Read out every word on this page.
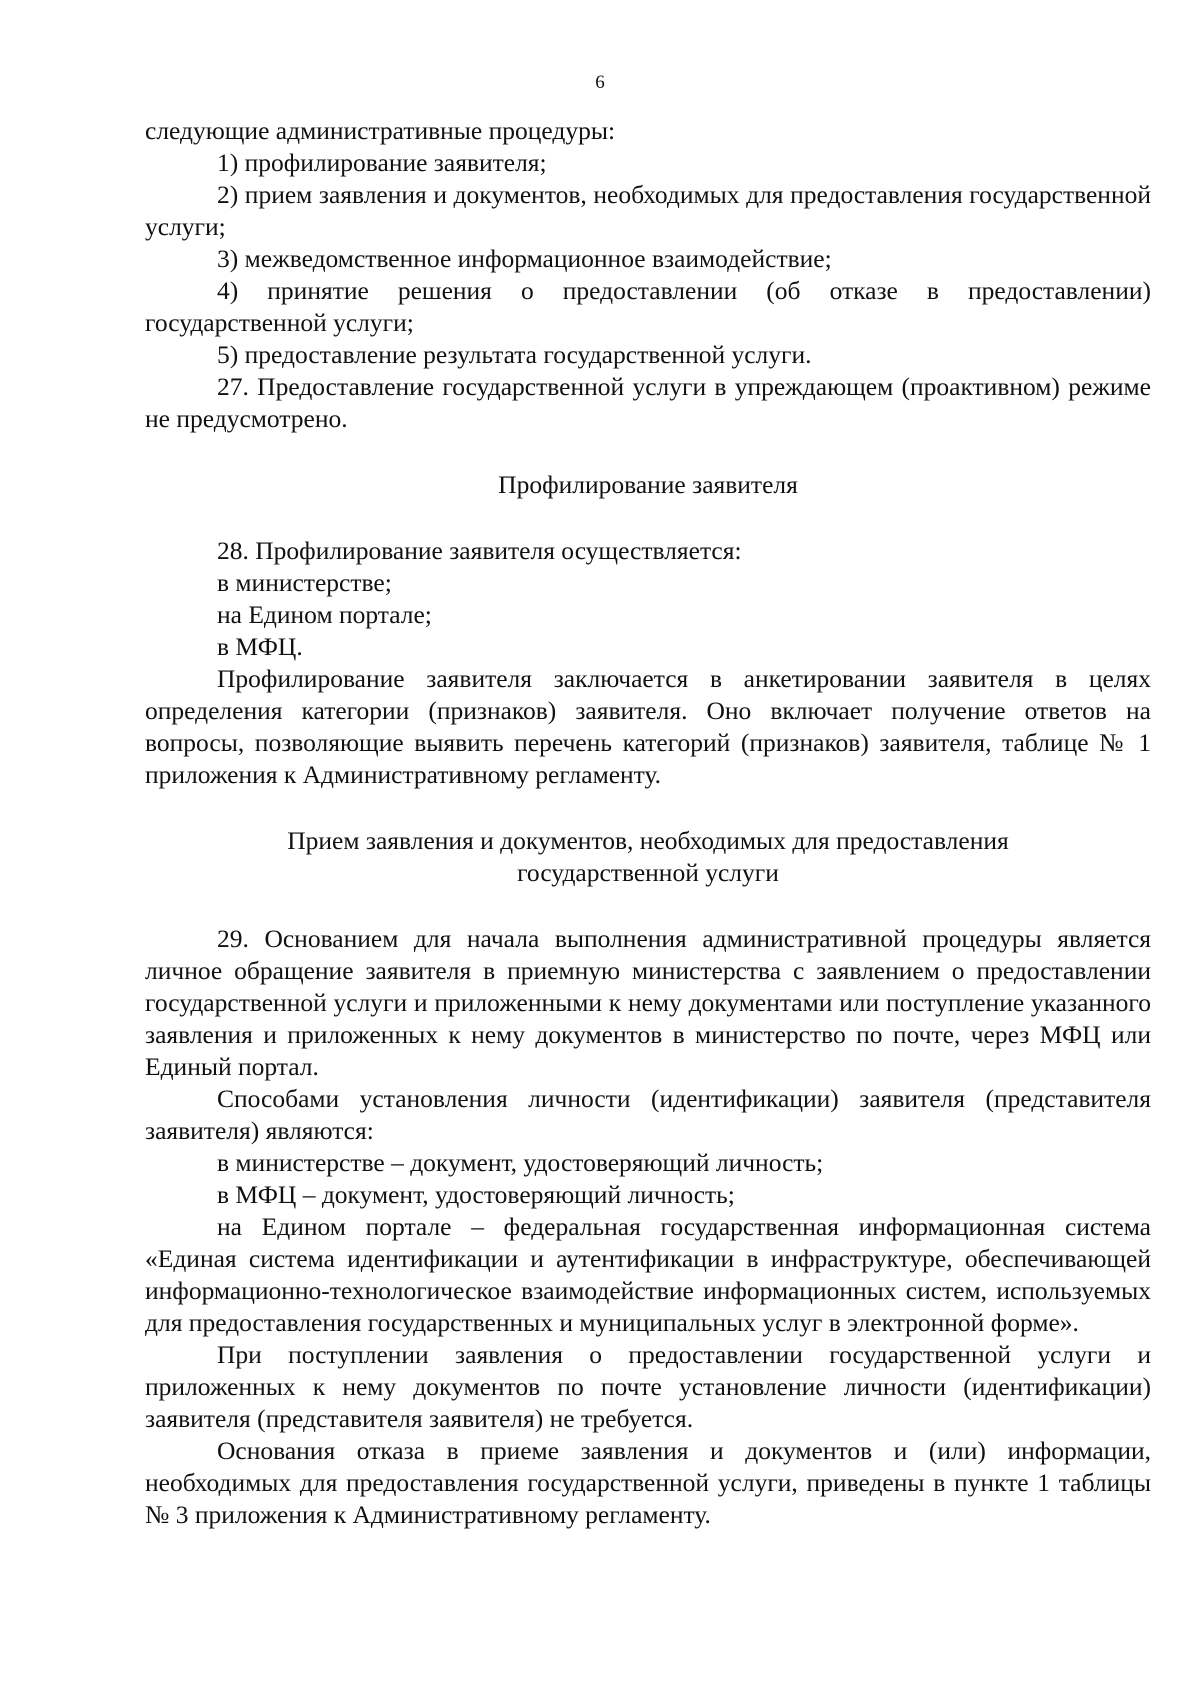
6

следующие административные процедуры:

1) профилирование заявителя;

2) прием заявления и документов, необходимых для предоставления государственной услуги;

3) межведомственное информационное взаимодействие;

4) принятие решения о предоставлении (об отказе в предоставлении) государственной услуги;

5) предоставление результата государственной услуги.

27. Предоставление государственной услуги в упреждающем (проактивном) режиме не предусмотрено.

Профилирование заявителя

28. Профилирование заявителя осуществляется:

в министерстве;

на Едином портале;

в МФЦ.

Профилирование заявителя заключается в анкетировании заявителя в целях определения категории (признаков) заявителя. Оно включает получение ответов на вопросы, позволяющие выявить перечень категорий (признаков) заявителя, таблице № 1 приложения к Административному регламенту.

Прием заявления и документов, необходимых для предоставления

государственной услуги

29. Основанием для начала выполнения административной процедуры является личное обращение заявителя в приемную министерства с заявлением о предоставлении государственной услуги и приложенными к нему документами или поступление указанного заявления и приложенных к нему документов в министерство по почте, через МФЦ или Единый портал.

Способами установления личности (идентификации) заявителя (представителя заявителя) являются:

в министерстве – документ, удостоверяющий личность;

в МФЦ – документ, удостоверяющий личность;

на Едином портале – федеральная государственная информационная система «Единая система идентификации и аутентификации в инфраструктуре, обеспечивающей информационно-технологическое взаимодействие информационных систем, используемых для предоставления государственных и муниципальных услуг в электронной форме».

При поступлении заявления о предоставлении государственной услуги и приложенных к нему документов по почте установление личности (идентификации) заявителя (представителя заявителя) не требуется.

Основания отказа в приеме заявления и документов и (или) информации, необходимых для предоставления государственной услуги, приведены в пункте 1 таблицы № 3 приложения к Административному регламенту.
